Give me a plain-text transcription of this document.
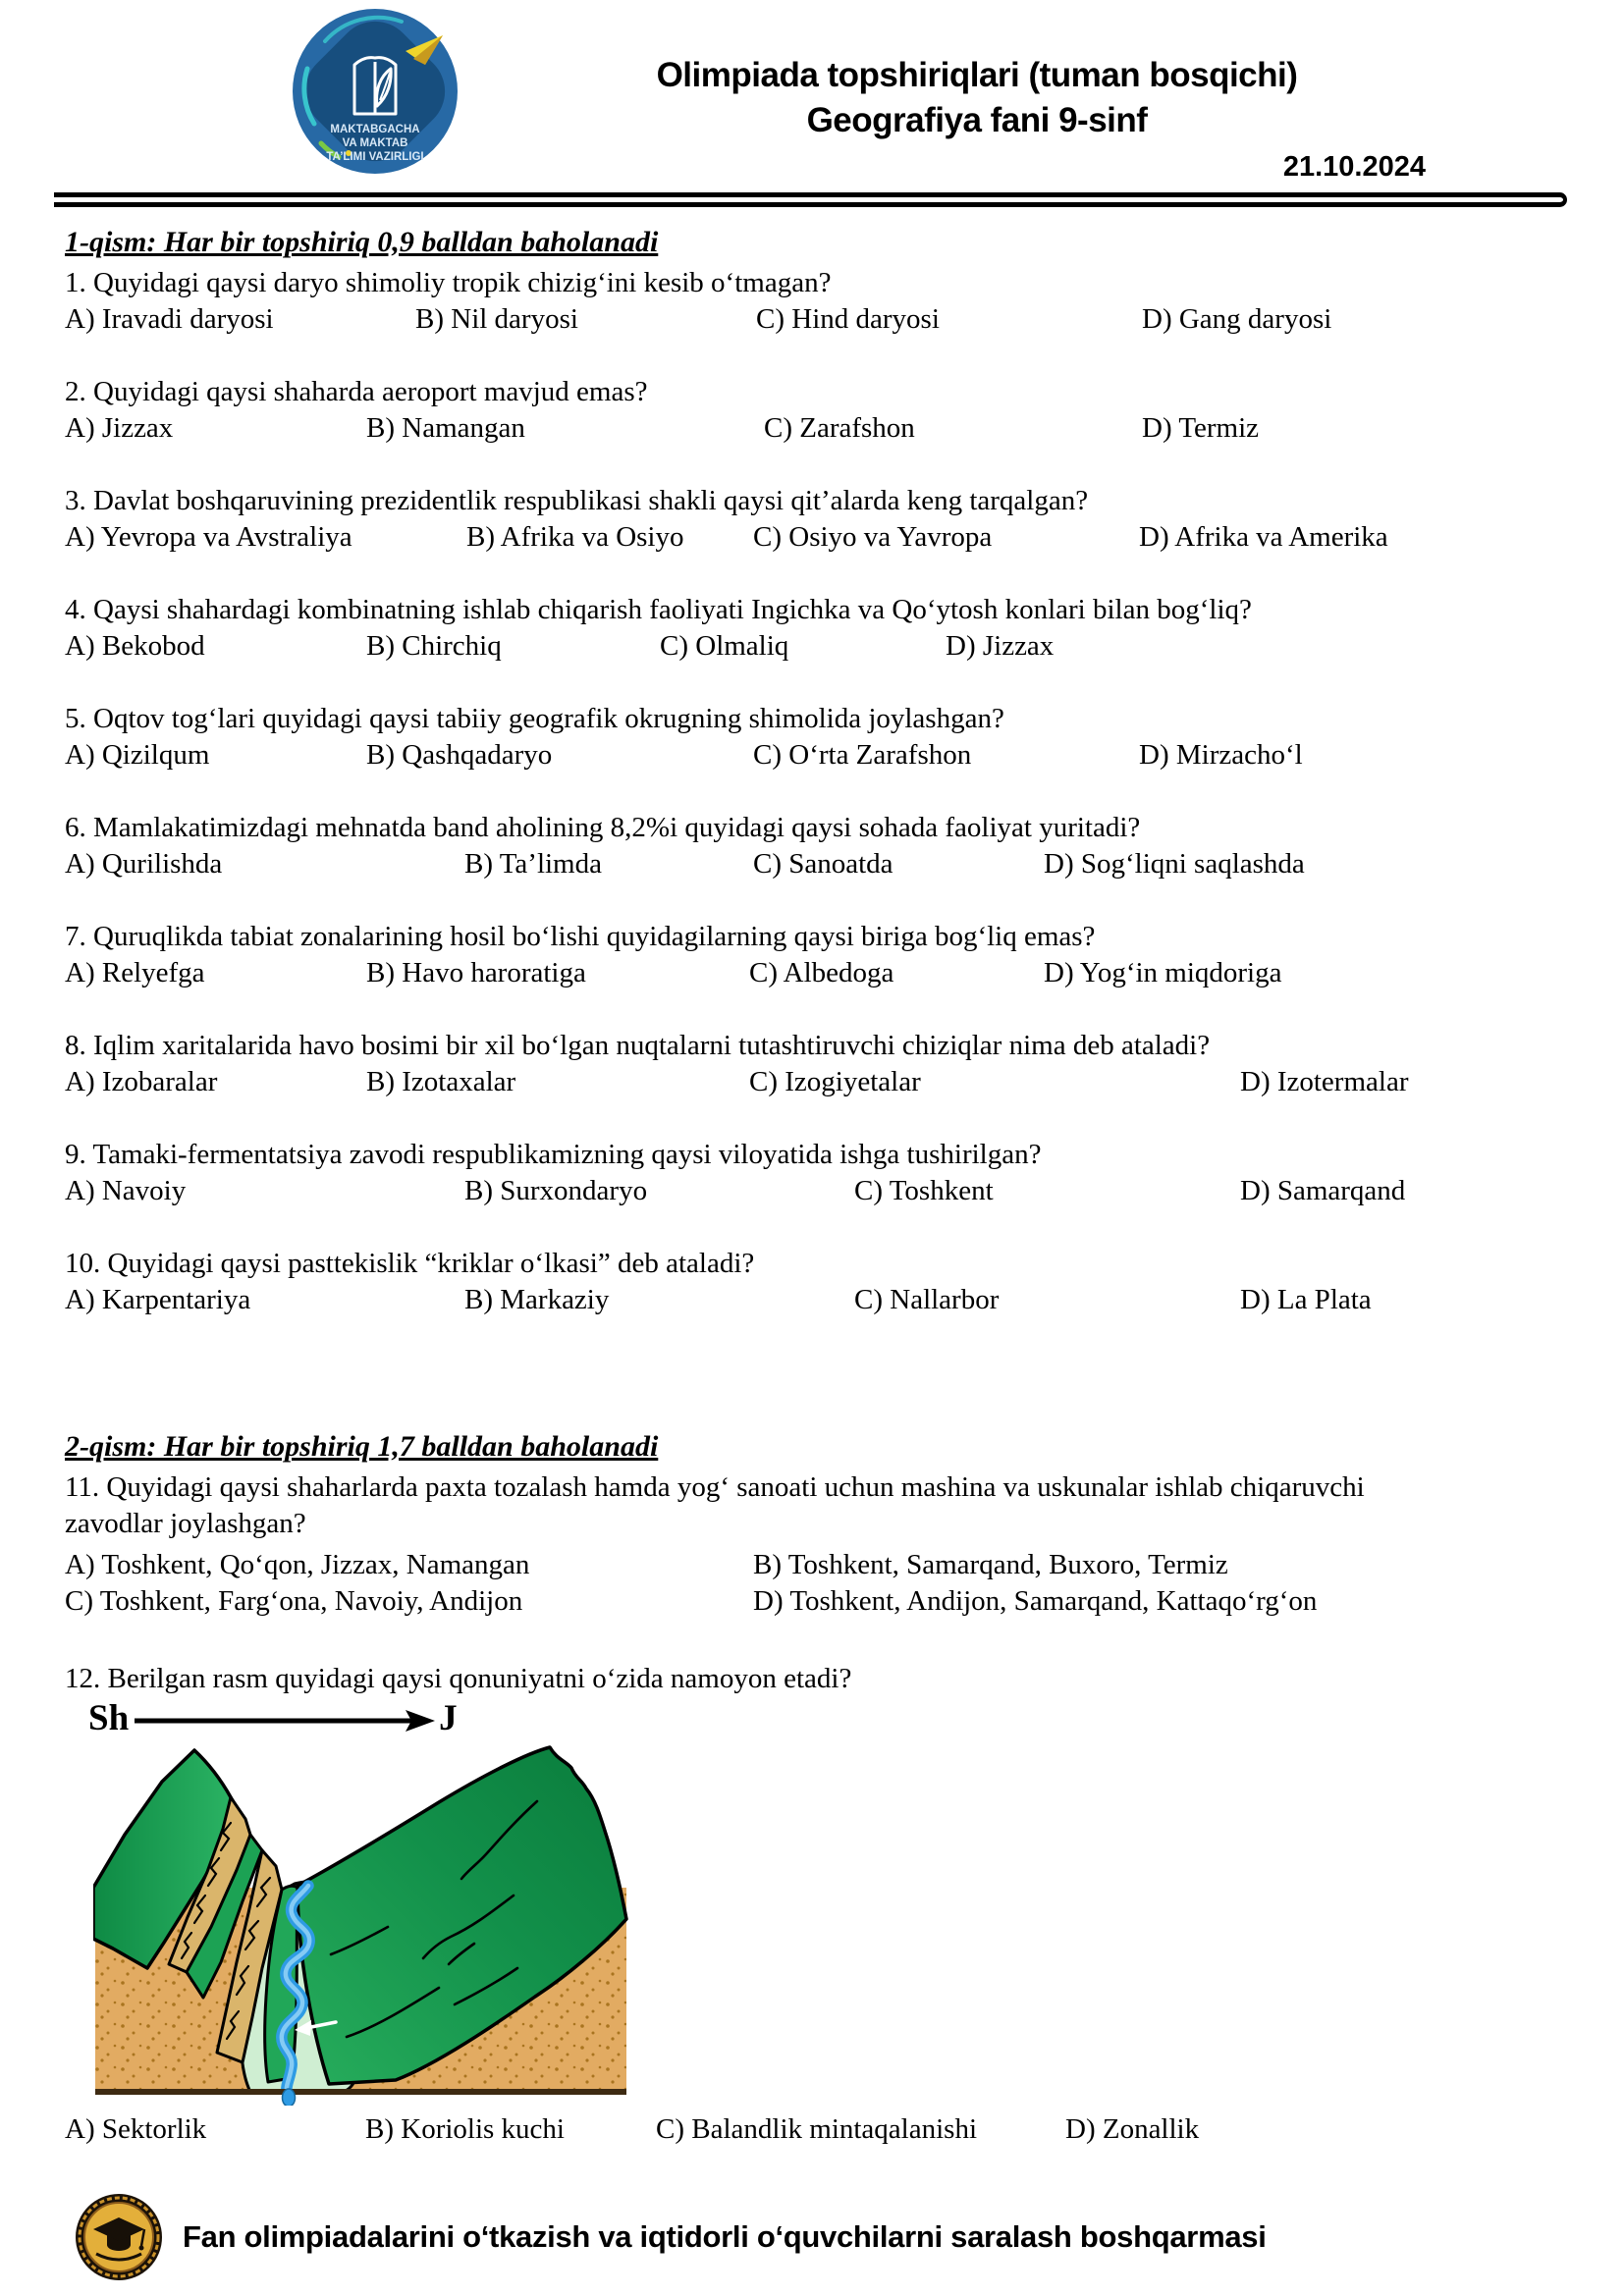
MAKTABGACHA
VA MAKTAB
TA’LIMI VAZIRLIGI
Olimpiada topshiriqlari (tuman bosqichi)
Geografiya fani 9-sinf
21.10.2024
1-qism: Har bir topshiriq 0,9 balldan baholanadi
1. Quyidagi qaysi daryo shimoliy tropik chizig‘ini kesib o‘tmagan?
A) Iravadi daryosi	B) Nil daryosi	C) Hind daryosi	D) Gang daryosi
2. Quyidagi qaysi shaharda aeroport mavjud emas?
A) Jizzax	B) Namangan	C) Zarafshon	D) Termiz
3. Davlat boshqaruvining prezidentlik respublikasi shakli qaysi qit’alarda keng tarqalgan?
A) Yevropa va Avstraliya	B) Afrika va Osiyo C) Osiyo va Yavropa	D) Afrika va Amerika
4. Qaysi shahardagi kombinatning ishlab chiqarish faoliyati Ingichka va Qo‘ytosh konlari bilan bog‘liq?
A) Bekobod	B) Chirchiq	C) Olmaliq	D) Jizzax
5. Oqtov tog‘lari quyidagi qaysi tabiiy geografik okrugning shimolida joylashgan?
A) Qizilqum	B) Qashqadaryo	C) O‘rta Zarafshon	D) Mirzacho‘l
6. Mamlakatimizdagi mehnatda band aholining 8,2%i quyidagi qaysi sohada faoliyat yuritadi?
A) Qurilishda	B) Ta’limda	C) Sanoatda	D) Sog‘liqni saqlashda
7. Quruqlikda tabiat zonalarining hosil bo‘lishi quyidagilarning qaysi biriga bog‘liq emas?
A) Relyefga	B) Havo haroratiga	C) Albedoga	D) Yog‘in miqdoriga
8. Iqlim xaritalarida havo bosimi bir xil bo‘lgan nuqtalarni tutashtiruvchi chiziqlar nima deb ataladi?
A) Izobaralar	B) Izotaxalar	C) Izogiyetalar	D) Izotermalar
9. Tamaki-fermentatsiya zavodi respublikamizning qaysi viloyatida ishga tushirilgan?
A) Navoiy	B) Surxondaryo	C) Toshkent	D) Samarqand
10. Quyidagi qaysi pasttekislik “kriklar o‘lkasi” deb ataladi?
A) Karpentariya	B) Markaziy	C) Nallarbor	D) La Plata
2-qism: Har bir topshiriq 1,7 balldan baholanadi
11. Quyidagi qaysi shaharlarda paxta tozalash hamda yog‘ sanoati uchun mashina va uskunalar ishlab chiqaruvchi zavodlar joylashgan?
A) Toshkent, Qo‘qon, Jizzax, Namangan	B) Toshkent, Samarqand, Buxoro, Termiz
C) Toshkent, Farg‘ona, Navoiy, Andijon	D) Toshkent, Andijon, Samarqand, Kattaqo‘rg‘on
12. Berilgan rasm quyidagi qaysi qonuniyatni o‘zida namoyon etadi?
Sh	J
A) Sektorlik	B) Koriolis kuchi	C) Balandlik mintaqalanishi	D) Zonallik
Fan olimpiadalarini o‘tkazish va iqtidorli o‘quvchilarni saralash boshqarmasi
